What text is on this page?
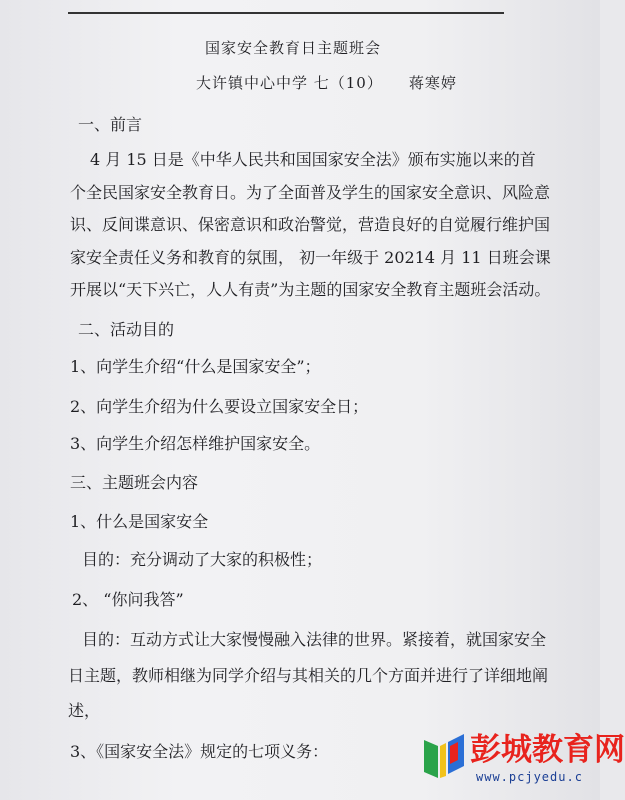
国家安全教育日主题班会
大许镇中心中学 七（10） 蒋寒婷
一、前言
4 月 15 日是《中华人民共和国国家安全法》颁布实施以来的首
个全民国家安全教育日。为了全面普及学生的国家安全意识、风险意
识、反间谍意识、保密意识和政治警觉，营造良好的自觉履行维护国
家安全责任义务和教育的氛围， 初一年级于 20214 月 11 日班会课
开展以“天下兴亡，人人有责”为主题的国家安全教育主题班会活动。
二、活动目的
1、向学生介绍“什么是国家安全”；
2、向学生介绍为什么要设立国家安全日；
3、向学生介绍怎样维护国家安全。
三、主题班会内容
1、什么是国家安全
目的：充分调动了大家的积极性；
2、 “你问我答”
目的：互动方式让大家慢慢融入法律的世界。紧接着，就国家安全
日主题，教师相继为同学介绍与其相关的几个方面并进行了详细地阐
述，
3、《国家安全法》规定的七项义务：	彭城教育网
www.pcjyedu.c
